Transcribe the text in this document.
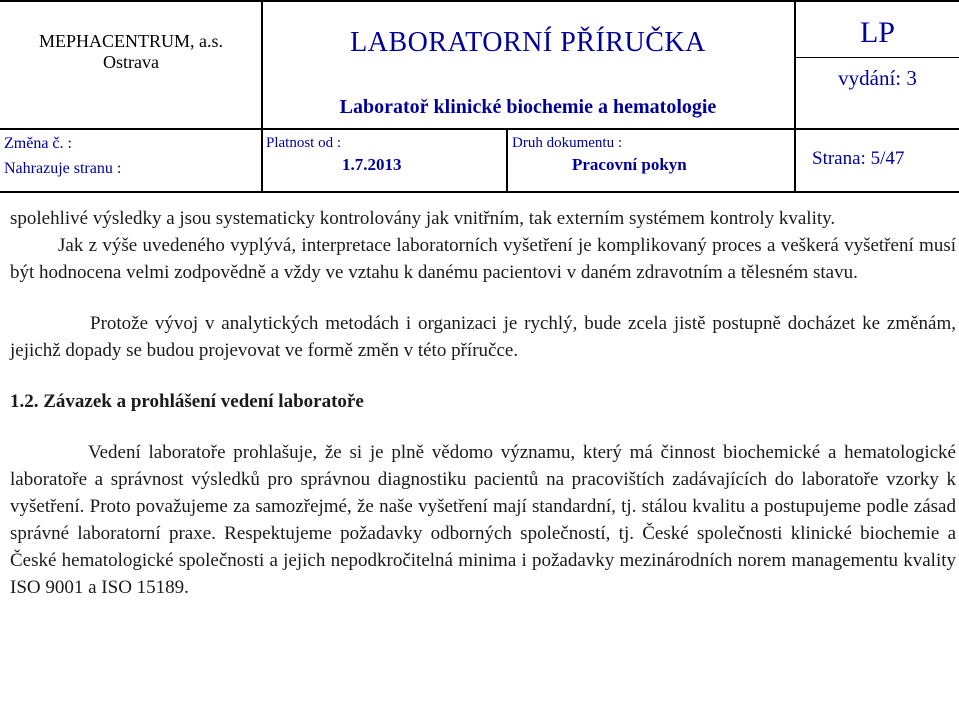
MEPHACENTRUM, a.s.
Ostrava
LABORATORNÍ PŘÍRUČKA	LP
vydání: 3
Laboratoř klinické biochemie a hematologie
Změna č. :
Nahrazuje stranu :
Platnost od :
1.7.2013
Druh dokumentu :
Pracovní pokyn	Strana: 5/47

spolehlivé výsledky a jsou systematicky kontrolovány jak vnitřním, tak externím systémem kontroly kvality.

Jak z výše uvedeného vyplývá, interpretace laboratorních vyšetření je komplikovaný proces a veškerá vyšetření musí být hodnocena velmi zodpovědně a vždy ve vztahu k danému pacientovi v daném zdravotním a tělesném stavu.

Protože vývoj v analytických metodách i organizaci je rychlý, bude zcela jistě postupně docházet ke změnám, jejichž dopady se budou projevovat ve formě změn v této příručce.

1.2. Závazek a prohlášení vedení laboratoře

Vedení laboratoře prohlašuje, že si je plně vědomo významu, který má činnost biochemické a hematologické laboratoře a správnost výsledků pro správnou diagnostiku pacientů na pracovištích zadávajících do laboratoře vzorky k vyšetření. Proto považujeme za samozřejmé, že naše vyšetření mají standardní, tj. stálou kvalitu a postupujeme podle zásad správné laboratorní praxe. Respektujeme požadavky odborných společností, tj. České společnosti klinické biochemie a České hematologické společnosti a jejich nepodkročitelná minima i požadavky mezinárodních norem managementu kvality ISO 9001 a ISO 15189.
